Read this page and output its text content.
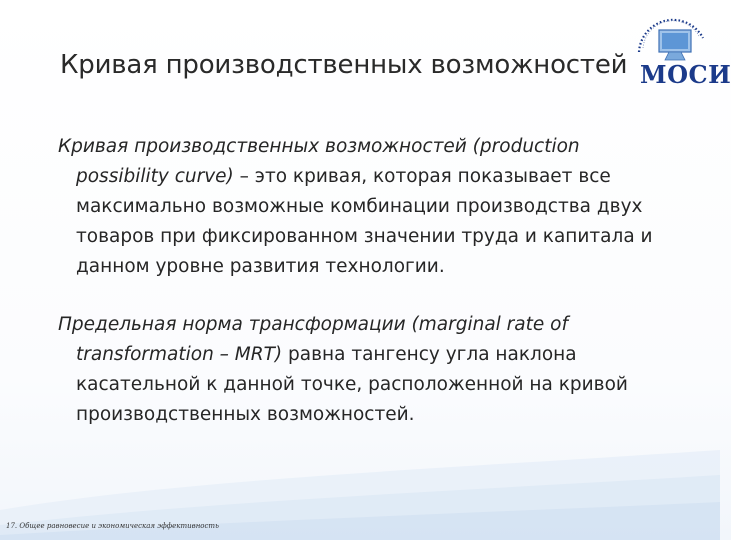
МОСИ
Кривая производственных возможностей

Кривая производственных возможностей (production possibility curve) – это кривая, которая показывает все максимально возможные комбинации производства двух товаров при фиксированном значении труда и капитала и данном уровне развития технологии.

Предельная норма трансформации (marginal rate of transformation – MRT) равна тангенсу угла наклона касательной к данной точке, расположенной на кривой производственных возможностей.

17. Общее равновесие и экономическая эффективность
